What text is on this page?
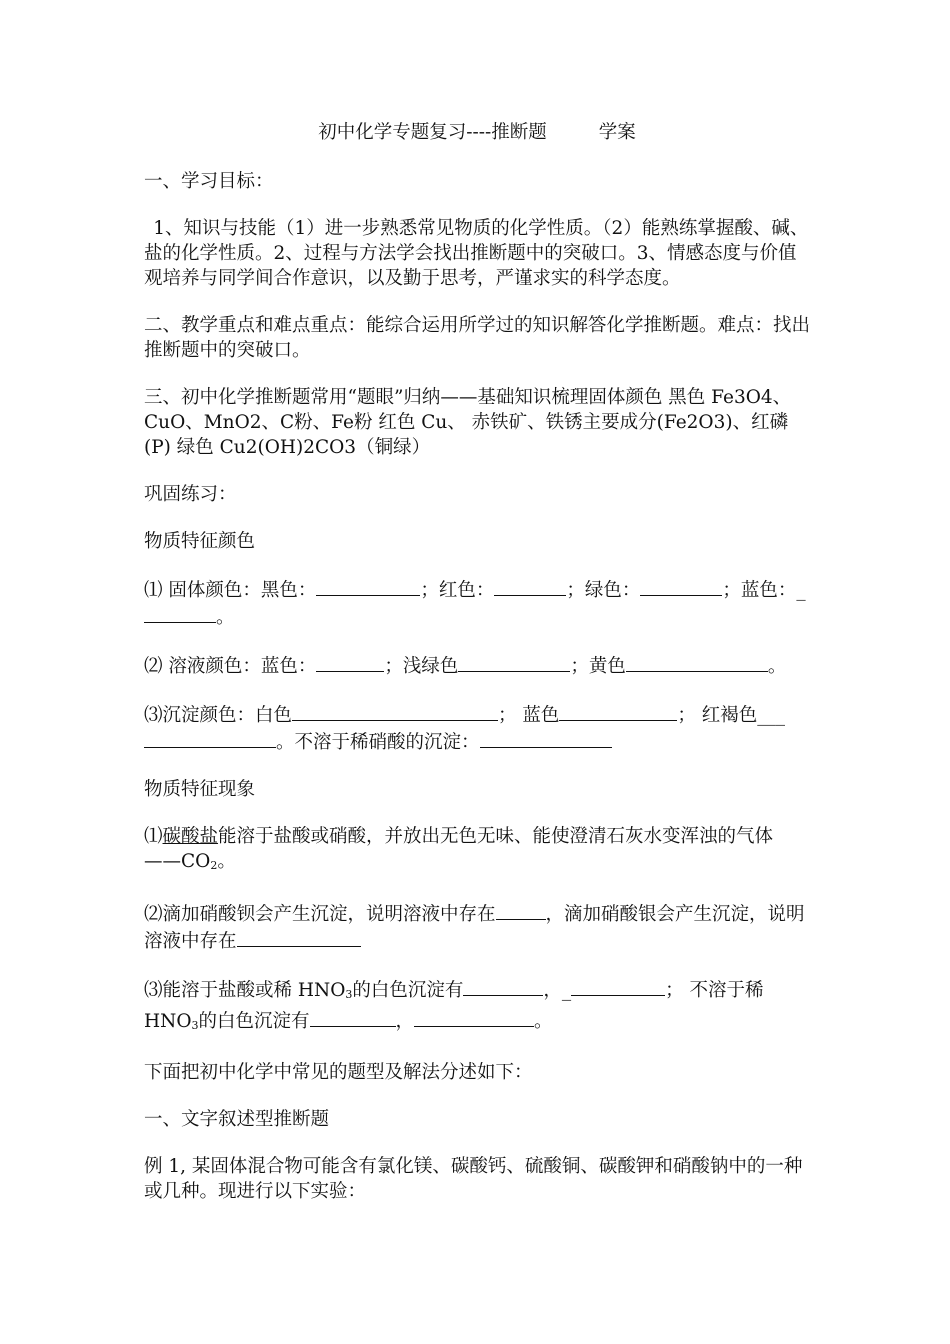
初中化学专题复习----推断题	学案

一、学习目标：

1、知识与技能（1）进一步熟悉常见物质的化学性质。（2）能熟练掌握酸、碱、盐的化学性质。2、过程与方法学会找出推断题中的突破口。3、情感态度与价值观培养与同学间合作意识，以及勤于思考，严谨求实的科学态度。

二、教学重点和难点重点：能综合运用所学过的知识解答化学推断题。难点：找出推断题中的突破口。

三、初中化学推断题常用“题眼”归纳——基础知识梳理固体颜色 黑色 Fe3O4、CuO、MnO2、C粉、Fe粉 红色 Cu、 赤铁矿、铁锈主要成分(Fe2O3)、红磷(P) 绿色 Cu2(OH)2CO3（铜绿）

巩固练习：

物质特征颜色

⑴ 固体颜色：黑色：	；红色：	；绿色：	；蓝色：_。

⑵ 溶液颜色：蓝色：	；浅绿色	；黄色	。

⑶沉淀颜色：白色	； 蓝色	； 红褐色___。不溶于稀硝酸的沉淀：

物质特征现象

⑴碳酸盐能溶于盐酸或硝酸，并放出无色无味、能使澄清石灰水变浑浊的气体$——CO_2$。

⑵滴加硝酸钡会产生沉淀，说明溶液中存在	，滴加硝酸银会产生沉淀，说明溶液中存在

⑶能溶于盐酸或稀 $HNO_3$的白色沉淀有	，_	； 不溶于稀 $HNO_3$的白色沉淀有	，	。

下面把初中化学中常见的题型及解法分述如下：

一、文字叙述型推断题

例 1, 某固体混合物可能含有氯化镁、碳酸钙、硫酸铜、碳酸钾和硝酸钠中的一种或几种。现进行以下实验：
